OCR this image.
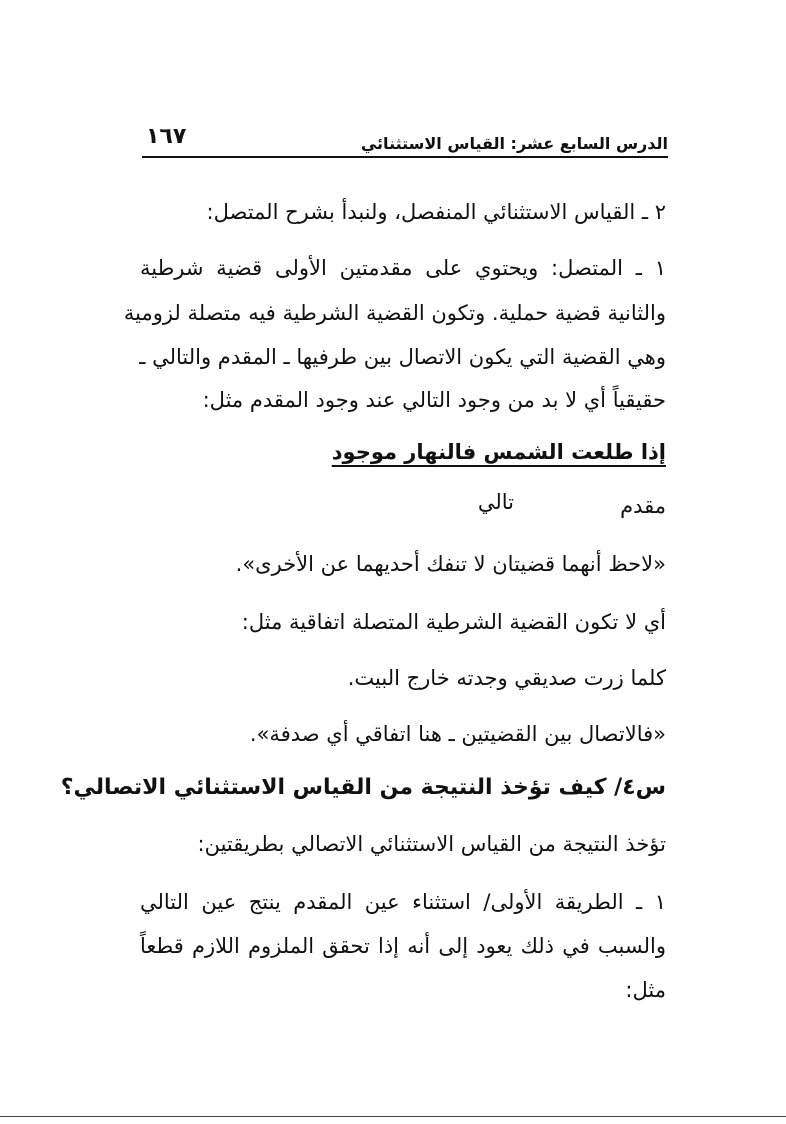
الدرس السابع عشر: القياس الاستثنائي
١٦٧
٢ ـ القياس الاستثنائي المنفصل، ولنبدأ بشرح المتصل:
١ ـ المتصل: ويحتوي على مقدمتين الأولى قضية شرطية
والثانية قضية حملية. وتكون القضية الشرطية فيه متصلة لزومية
وهي القضية التي يكون الاتصال بين طرفيها ـ المقدم والتالي ـ
حقيقياً أي لا بد من وجود التالي عند وجود المقدم مثل:
إذا طلعت الشمس فالنهار موجود
مقدم
تالي
«لاحظ أنهما قضيتان لا تنفك أحديهما عن الأخرى».
أي لا تكون القضية الشرطية المتصلة اتفاقية مثل:
كلما زرت صديقي وجدته خارج البيت.
«فالاتصال بين القضيتين ـ هنا اتفاقي أي صدفة».
س٤/ كيف تؤخذ النتيجة من القياس الاستثنائي الاتصالي؟
تؤخذ النتيجة من القياس الاستثنائي الاتصالي بطريقتين:
١ ـ الطريقة الأولى/ استثناء عين المقدم ينتج عين التالي
والسبب في ذلك يعود إلى أنه إذا تحقق الملزوم اللازم قطعاً
مثل:
